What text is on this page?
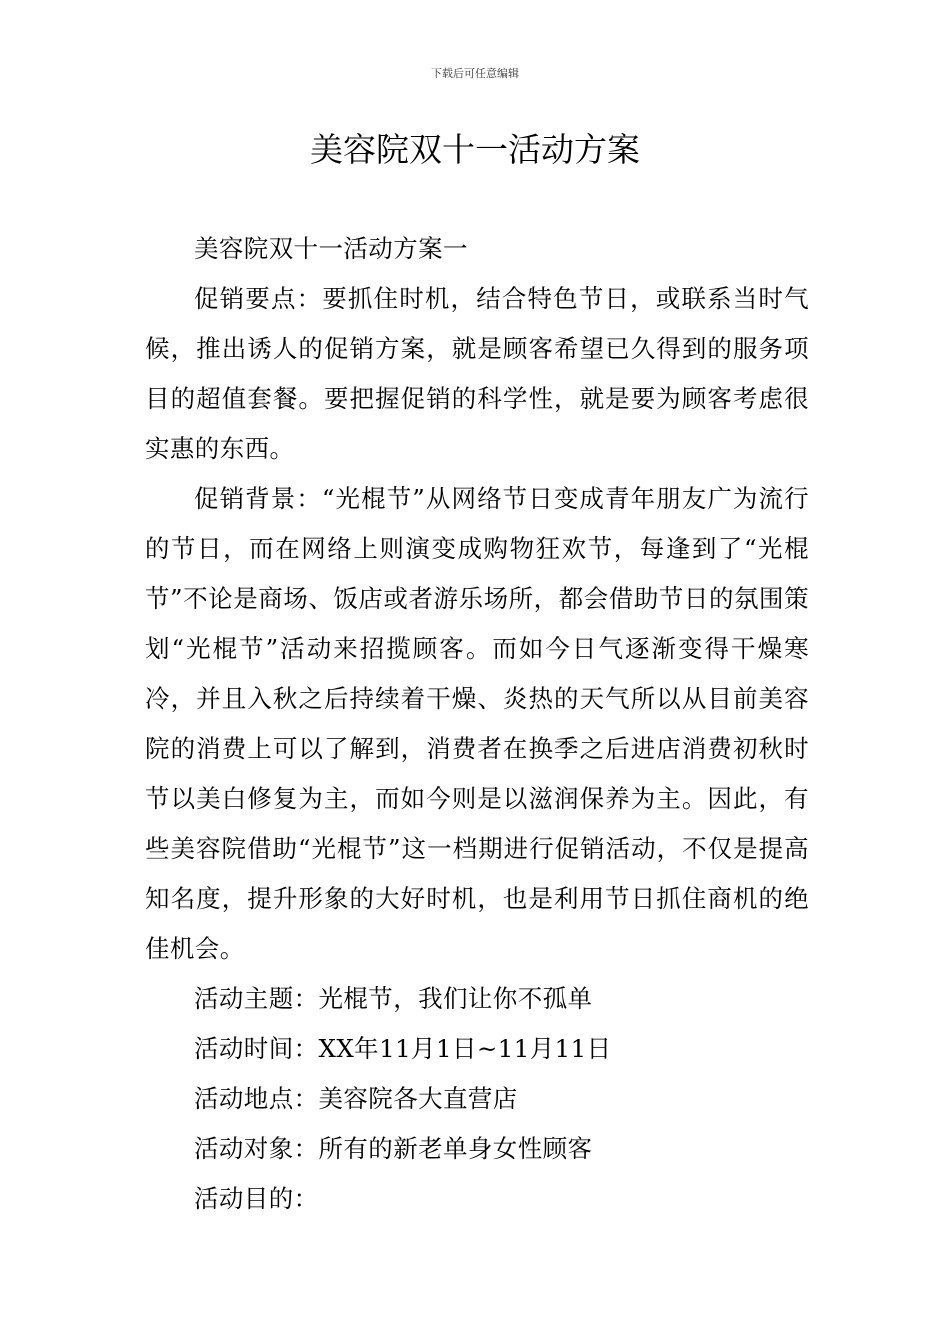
下载后可任意编辑
美容院双十一活动方案

美容院双十一活动方案一

促销要点：要抓住时机，结合特色节日，或联系当时气候，推出诱人的促销方案，就是顾客希望已久得到的服务项目的超值套餐。要把握促销的科学性，就是要为顾客考虑很实惠的东西。

促销背景：“光棍节”从网络节日变成青年朋友广为流行的节日，而在网络上则演变成购物狂欢节，每逢到了“光棍节”不论是商场、饭店或者游乐场所，都会借助节日的氛围策划“光棍节”活动来招揽顾客。而如今日气逐渐变得干燥寒冷，并且入秋之后持续着干燥、炎热的天气所以从目前美容院的消费上可以了解到，消费者在换季之后进店消费初秋时节以美白修复为主，而如今则是以滋润保养为主。因此，有些美容院借助“光棍节”这一档期进行促销活动，不仅是提高知名度，提升形象的大好时机，也是利用节日抓住商机的绝佳机会。

活动主题：光棍节，我们让你不孤单

活动时间：XX年11月1日~11月11日

活动地点：美容院各大直营店

活动对象：所有的新老单身女性顾客

活动目的：
